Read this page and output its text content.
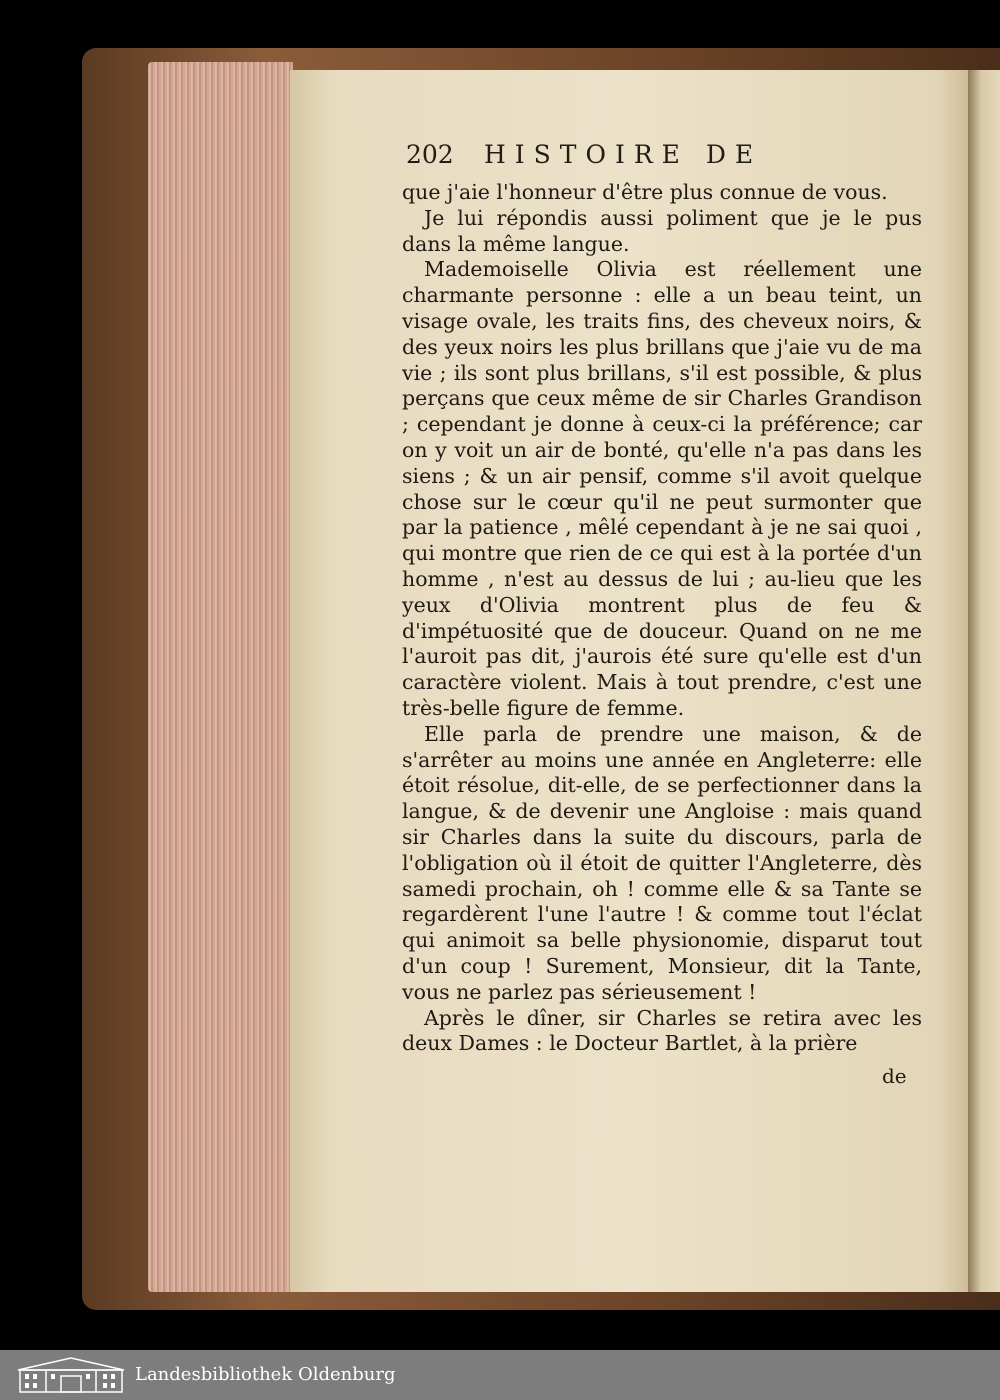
202 HISTOIRE DE

que j'aie l'honneur d'être plus connue de vous.

Je lui répondis aussi poliment que je le pus dans la même langue.

Mademoiselle Olivia est réellement une charmante personne : elle a un beau teint, un visage ovale, les traits fins, des cheveux noirs, & des yeux noirs les plus brillans que j'aie vu de ma vie ; ils sont plus brillans, s'il est possible, & plus perçans que ceux même de sir Charles Grandison ; cependant je donne à ceux-ci la préférence; car on y voit un air de bonté, qu'elle n'a pas dans les siens ; & un air pensif, comme s'il avoit quelque chose sur le cœur qu'il ne peut surmonter que par la patience , mêlé cependant à je ne sai quoi , qui montre que rien de ce qui est à la portée d'un homme , n'est au dessus de lui ; au-lieu que les yeux d'Olivia montrent plus de feu & d'impétuosité que de douceur. Quand on ne me l'auroit pas dit, j'aurois été sure qu'elle est d'un caractère violent. Mais à tout prendre, c'est une très-belle figure de femme.

Elle parla de prendre une maison, & de s'arrêter au moins une année en Angleterre: elle étoit résolue, dit-elle, de se perfectionner dans la langue, & de devenir une Angloise : mais quand sir Charles dans la suite du discours, parla de l'obligation où il étoit de quitter l'Angleterre, dès samedi prochain, oh ! comme elle & sa Tante se regardèrent l'une l'autre ! & comme tout l'éclat qui animoit sa belle physionomie, disparut tout d'un coup ! Surement, Monsieur, dit la Tante, vous ne parlez pas sérieusement !

Après le dîner, sir Charles se retira avec les deux Dames : le Docteur Bartlet, à la prière

de
Landesbibliothek Oldenburg
